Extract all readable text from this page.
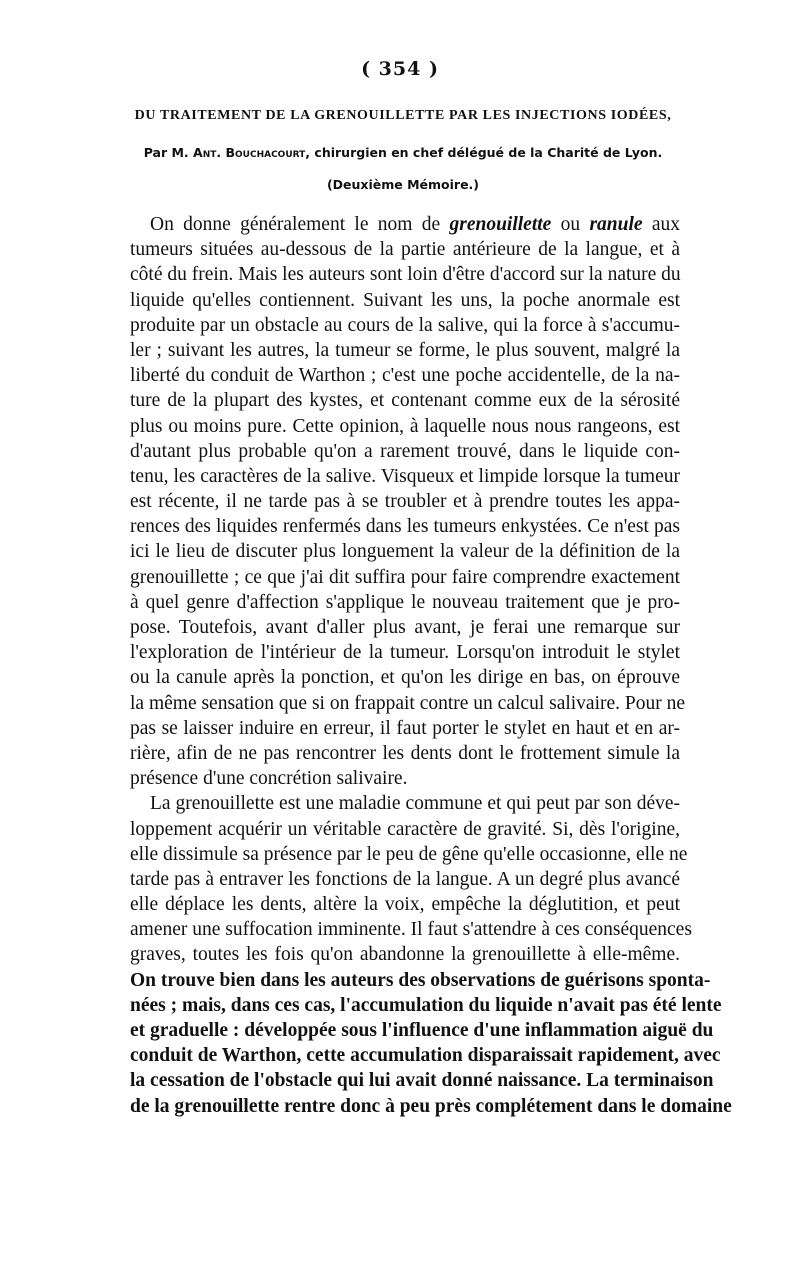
( 354 )
DU TRAITEMENT DE LA GRENOUILLETTE PAR LES INJECTIONS IODÉES,
Par M. Ant. Bouchacourt, chirurgien en chef délégué de la Charité de Lyon.
(Deuxième Mémoire.)
On donne généralement le nom de grenouillette ou ranule aux
tumeurs situées au-dessous de la partie antérieure de la langue, et à
côté du frein. Mais les auteurs sont loin d'être d'accord sur la nature du
liquide qu'elles contiennent. Suivant les uns, la poche anormale est
produite par un obstacle au cours de la salive, qui la force à s'accumu-
ler ; suivant les autres, la tumeur se forme, le plus souvent, malgré la
liberté du conduit de Warthon ; c'est une poche accidentelle, de la na-
ture de la plupart des kystes, et contenant comme eux de la sérosité
plus ou moins pure. Cette opinion, à laquelle nous nous rangeons, est
d'autant plus probable qu'on a rarement trouvé, dans le liquide con-
tenu, les caractères de la salive. Visqueux et limpide lorsque la tumeur
est récente, il ne tarde pas à se troubler et à prendre toutes les appa-
rences des liquides renfermés dans les tumeurs enkystées. Ce n'est pas
ici le lieu de discuter plus longuement la valeur de la définition de la
grenouillette ; ce que j'ai dit suffira pour faire comprendre exactement
à quel genre d'affection s'applique le nouveau traitement que je pro-
pose. Toutefois, avant d'aller plus avant, je ferai une remarque sur
l'exploration de l'intérieur de la tumeur. Lorsqu'on introduit le stylet
ou la canule après la ponction, et qu'on les dirige en bas, on éprouve
la même sensation que si on frappait contre un calcul salivaire. Pour ne
pas se laisser induire en erreur, il faut porter le stylet en haut et en ar-
rière, afin de ne pas rencontrer les dents dont le frottement simule la
présence d'une concrétion salivaire.
La grenouillette est une maladie commune et qui peut par son déve-
loppement acquérir un véritable caractère de gravité. Si, dès l'origine,
elle dissimule sa présence par le peu de gêne qu'elle occasionne, elle ne
tarde pas à entraver les fonctions de la langue. A un degré plus avancé
elle déplace les dents, altère la voix, empêche la déglutition, et peut
amener une suffocation imminente. Il faut s'attendre à ces conséquences
graves, toutes les fois qu'on abandonne la grenouillette à elle-même.
On trouve bien dans les auteurs des observations de guérisons sponta-
nées ; mais, dans ces cas, l'accumulation du liquide n'avait pas été lente
et graduelle : développée sous l'influence d'une inflammation aiguë du
conduit de Warthon, cette accumulation disparaissait rapidement, avec
la cessation de l'obstacle qui lui avait donné naissance. La terminaison
de la grenouillette rentre donc à peu près complétement dans le domaine
